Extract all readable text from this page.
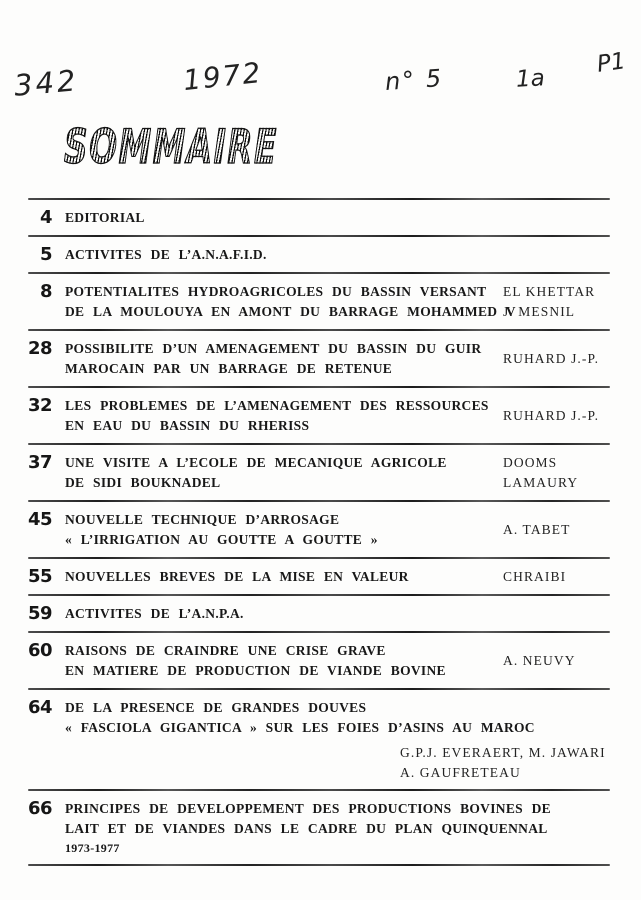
342	1972	n° 5	1a
P1
SOMMAIRE
4 EDITORIAL
5 ACTIVITES DE L’A.N.A.F.I.D.
8 POTENTIALITES HYDROAGRICOLES DU BASSIN VERSANT
DE LA MOULOUYA EN AMONT DU BARRAGE MOHAMMED V
EL KHETTAR
J. MESNIL
28 POSSIBILITE D’UN AMENAGEMENT DU BASSIN DU GUIR
MAROCAIN PAR UN BARRAGE DE RETENUE
RUHARD J.-P.
32 LES PROBLEMES DE L’AMENAGEMENT DES RESSOURCES
EN EAU DU BASSIN DU RHERISS
RUHARD J.-P.
37 UNE VISITE A L’ECOLE DE MECANIQUE AGRICOLE
DE SIDI BOUKNADEL
DOOMS
LAMAURY
45 NOUVELLE TECHNIQUE D’ARROSAGE
« L’IRRIGATION AU GOUTTE A GOUTTE »
A. TABET
55 NOUVELLES BREVES DE LA MISE EN VALEUR	CHRAIBI
59 ACTIVITES DE L’A.N.P.A.
60 RAISONS DE CRAINDRE UNE CRISE GRAVE
EN MATIERE DE PRODUCTION DE VIANDE BOVINE
A. NEUVY
64 DE LA PRESENCE DE GRANDES DOUVES
« FASCIOLA GIGANTICA » SUR LES FOIES D’ASINS AU MAROC
G.P.J. EVERAERT, M. JAWARI
A. GAUFRETEAU
66 PRINCIPES DE DEVELOPPEMENT DES PRODUCTIONS BOVINES DE
LAIT ET DE VIANDES DANS LE CADRE DU PLAN QUINQUENNAL
1973-1977
